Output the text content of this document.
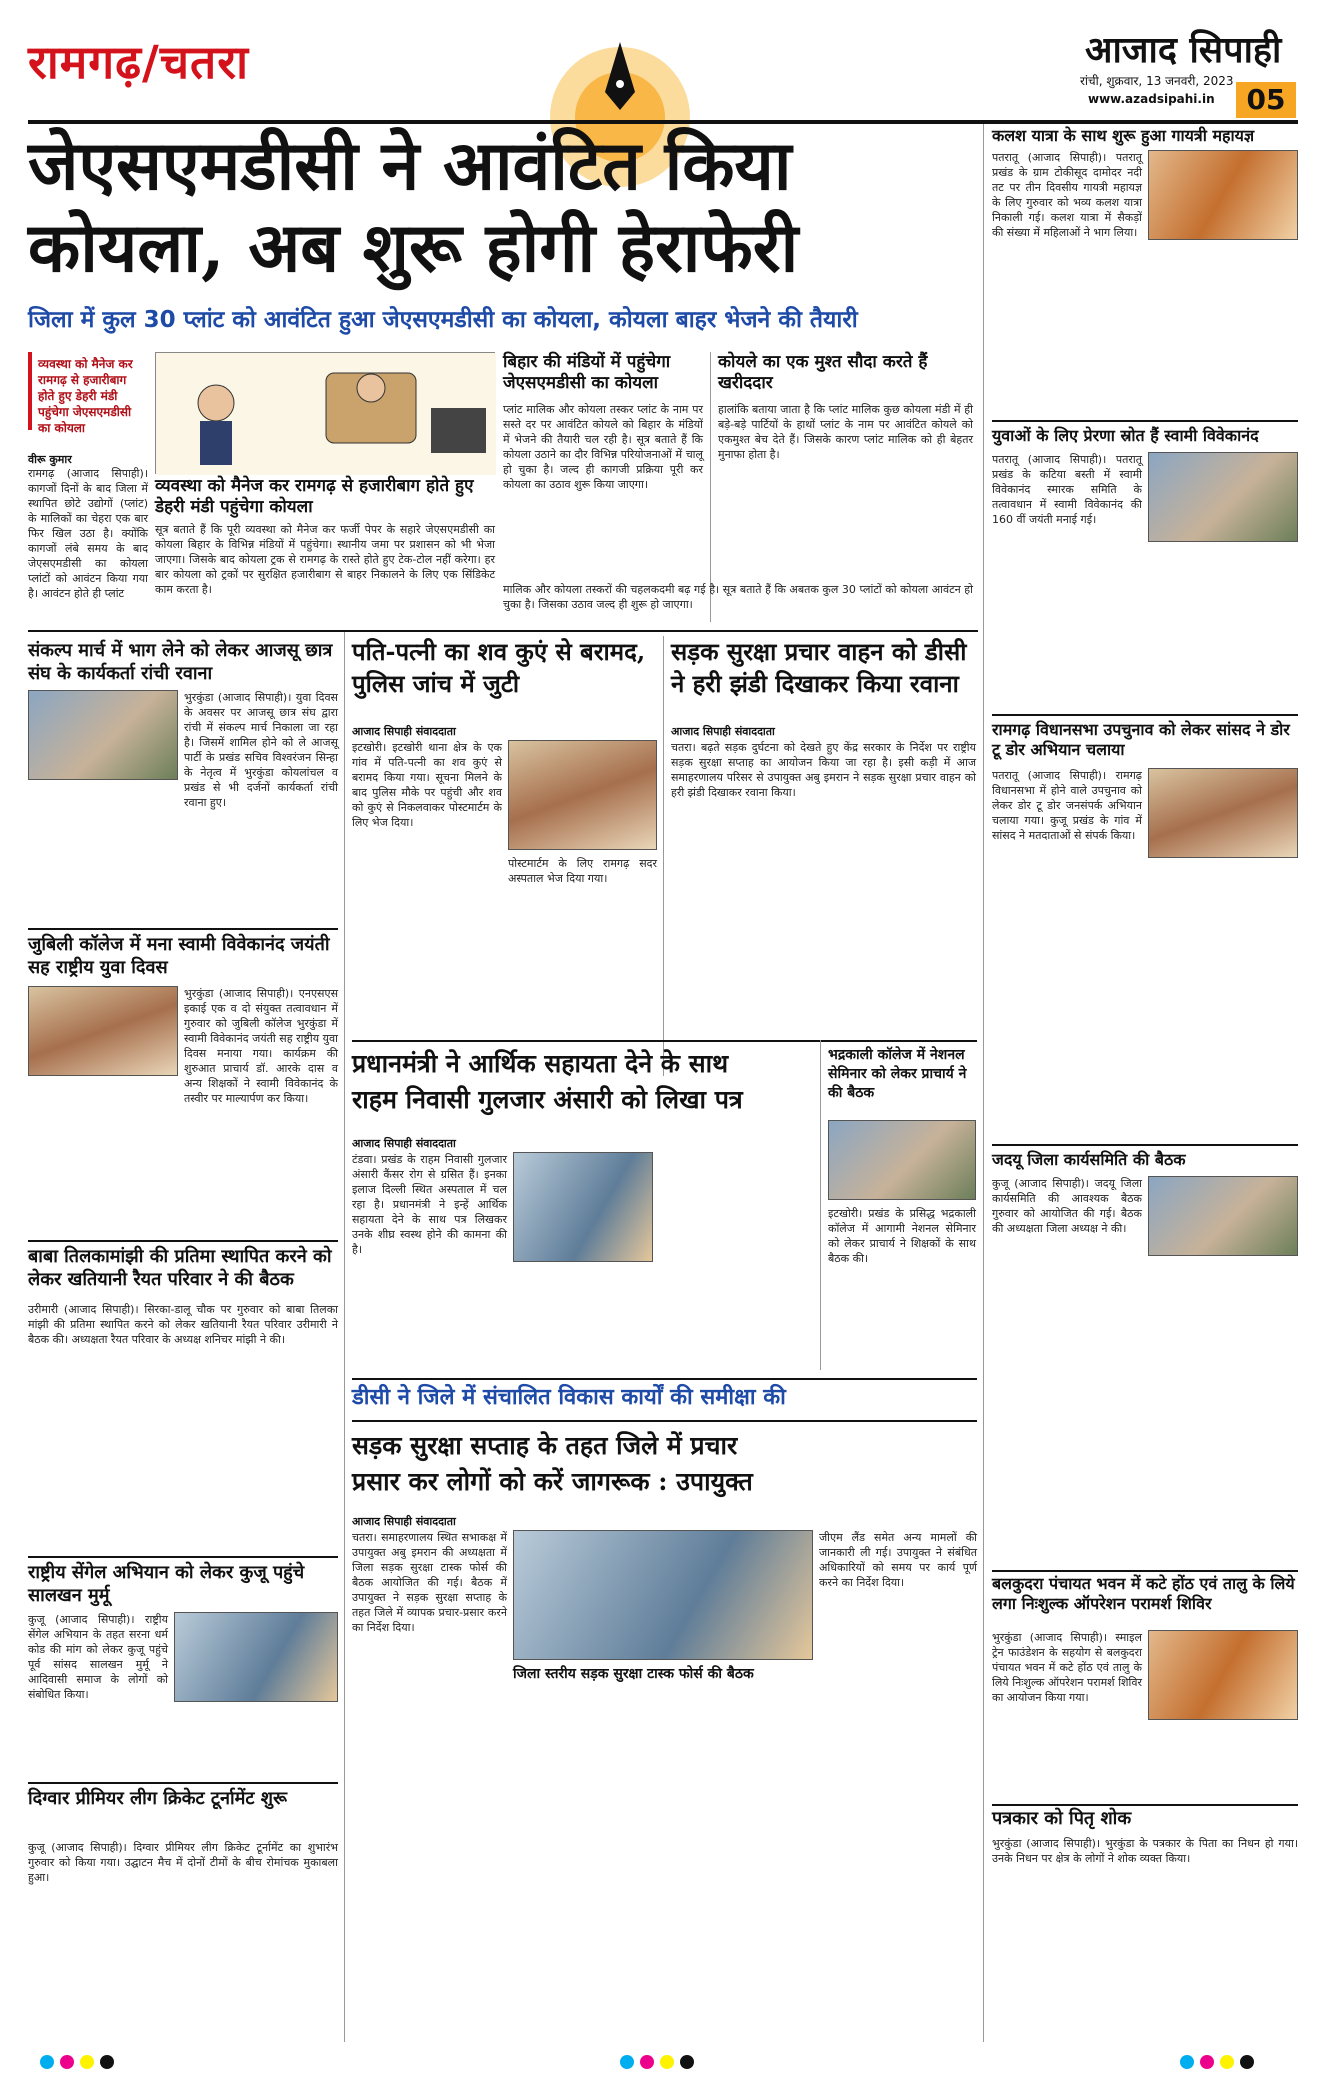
रामगढ़/चतरा	आजाद सिपाही
रांची, शुक्रवार, 13 जनवरी, 2023
www.azadsipahi.in	05
जेएसएमडीसी ने आवंटित किया
कोयला, अब शुरू होगी हेराफेरी
जिला में कुल 30 प्लांट को आवंटित हुआ जेएसएमडीसी का कोयला, कोयला बाहर भेजने की तैयारी
व्यवस्था को मैनेज कर रामगढ़ से हजारीबाग होते हुए डेहरी मंडी पहुंचेगा जेएसएमडीसी का कोयला
वीरू कुमार
रामगढ़ (आजाद सिपाही)। कागजों दिनों के बाद जिला में स्थापित छोटे उद्योगों (प्लांट) के मालिकों का चेहरा एक बार फिर खिल उठा है। क्योंकि कागजों लंबे समय के बाद जेएसएमडीसी का कोयला प्लांटों को आवंटन किया गया है। आवंटन होते ही प्लांट
व्यवस्था को मैनेज कर रामगढ़ से हजारीबाग होते हुए डेहरी मंडी पहुंचेगा कोयला
सूत्र बताते हैं कि पूरी व्यवस्था को मैनेज कर फर्जी पेपर के सहारे जेएसएमडीसी का कोयला बिहार के विभिन्न मंडियों में पहुंचेगा। स्थानीय जमा पर प्रशासन को भी भेजा जाएगा। जिसके बाद कोयला ट्रक से रामगढ़ के रास्ते होते हुए टेक-टोल नहीं करेगा। हर बार कोयला को ट्रकों पर सुरक्षित हजारीबाग से बाहर निकालने के लिए एक सिंडिकेट काम करता है।
बिहार की मंडियों में पहुंचेगा जेएसएमडीसी का कोयला
प्लांट मालिक और कोयला तस्कर प्लांट के नाम पर सस्ते दर पर आवंटित कोयले को बिहार के मंडियों में भेजने की तैयारी चल रही है। सूत्र बताते हैं कि कोयला उठाने का दौर विभिन्न परियोजनाओं में चालू हो चुका है। जल्द ही कागजी प्रक्रिया पूरी कर कोयला का उठाव शुरू किया जाएगा।
कोयले का एक मुश्त सौदा करते हैं खरीददार
हालांकि बताया जाता है कि प्लांट मालिक कुछ कोयला मंडी में ही बड़े-बड़े पार्टियों के हाथों प्लांट के नाम पर आवंटित कोयले को एकमुश्त बेच देते हैं। जिसके कारण प्लांट मालिक को ही बेहतर मुनाफा होता है।
मालिक और कोयला तस्करों की चहलकदमी बढ़ गई है। सूत्र बताते हैं कि अबतक कुल 30 प्लांटों को कोयला आवंटन हो चुका है। जिसका उठाव जल्द ही शुरू हो जाएगा।
संकल्प मार्च में भाग लेने को लेकर आजसू छात्र संघ के कार्यकर्ता रांची रवाना
भुरकुंडा (आजाद सिपाही)। युवा दिवस के अवसर पर आजसू छात्र संघ द्वारा रांची में संकल्प मार्च निकाला जा रहा है। जिसमें शामिल होने को ले आजसू पार्टी के प्रखंड सचिव विश्वरंजन सिन्हा के नेतृत्व में भुरकुंडा कोयलांचल व प्रखंड से भी दर्जनों कार्यकर्ता रांची रवाना हुए।
जुबिली कॉलेज में मना स्वामी विवेकानंद जयंती सह राष्ट्रीय युवा दिवस
भुरकुंडा (आजाद सिपाही)। एनएसएस इकाई एक व दो संयुक्त तत्वावधान में गुरुवार को जुबिली कॉलेज भुरकुंडा में स्वामी विवेकानंद जयंती सह राष्ट्रीय युवा दिवस मनाया गया। कार्यक्रम की शुरुआत प्राचार्य डॉ. आरके दास व अन्य शिक्षकों ने स्वामी विवेकानंद के तस्वीर पर माल्यार्पण कर किया।
बाबा तिलकामांझी की प्रतिमा स्थापित करने को लेकर खतियानी रैयत परिवार ने की बैठक
उरीमारी (आजाद सिपाही)। सिरका-डालू चौक पर गुरुवार को बाबा तिलका मांझी की प्रतिमा स्थापित करने को लेकर खतियानी रैयत परिवार उरीमारी ने बैठक की। अध्यक्षता रैयत परिवार के अध्यक्ष शनिचर मांझी ने की।
राष्ट्रीय सेंगेल अभियान को लेकर कुजू पहुंचे सालखन मुर्मू
कुजू (आजाद सिपाही)। राष्ट्रीय सेंगेल अभियान के तहत सरना धर्म कोड की मांग को लेकर कुजू पहुंचे पूर्व सांसद सालखन मुर्मू ने आदिवासी समाज के लोगों को संबोधित किया।
दिग्वार प्रीमियर लीग क्रिकेट टूर्नामेंट शुरू
कुजू (आजाद सिपाही)। दिग्वार प्रीमियर लीग क्रिकेट टूर्नामेंट का शुभारंभ गुरुवार को किया गया। उद्घाटन मैच में दोनों टीमों के बीच रोमांचक मुकाबला हुआ।
पति-पत्नी का शव कुएं से बरामद, पुलिस जांच में जुटी
आजाद सिपाही संवाददाता
इटखोरी। इटखोरी थाना क्षेत्र के एक गांव में पति-पत्नी का शव कुएं से बरामद किया गया। सूचना मिलने के बाद पुलिस मौके पर पहुंची और शव को कुएं से निकलवाकर पोस्टमार्टम के लिए भेज दिया।
पोस्टमार्टम के लिए रामगढ़ सदर अस्पताल भेज दिया गया।
सड़क सुरक्षा प्रचार वाहन को डीसी ने हरी झंडी दिखाकर किया रवाना
आजाद सिपाही संवाददाता
चतरा। बढ़ते सड़क दुर्घटना को देखते हुए केंद्र सरकार के निर्देश पर राष्ट्रीय सड़क सुरक्षा सप्ताह का आयोजन किया जा रहा है। इसी कड़ी में आज समाहरणालय परिसर से उपायुक्त अबु इमरान ने सड़क सुरक्षा प्रचार वाहन को हरी झंडी दिखाकर रवाना किया।
प्रधानमंत्री ने आर्थिक सहायता देने के साथ
राहम निवासी गुलजार अंसारी को लिखा पत्र
आजाद सिपाही संवाददाता
टंडवा। प्रखंड के राहम निवासी गुलजार अंसारी कैंसर रोग से ग्रसित हैं। इनका इलाज दिल्ली स्थित अस्पताल में चल रहा है। प्रधानमंत्री ने इन्हें आर्थिक सहायता देने के साथ पत्र लिखकर उनके शीघ्र स्वस्थ होने की कामना की है।
भद्रकाली कॉलेज में नेशनल सेमिनार को लेकर प्राचार्य ने की बैठक
इटखोरी। प्रखंड के प्रसिद्ध भद्रकाली कॉलेज में आगामी नेशनल सेमिनार को लेकर प्राचार्य ने शिक्षकों के साथ बैठक की।
डीसी ने जिले में संचालित विकास कार्यों की समीक्षा की
सड़क सुरक्षा सप्ताह के तहत जिले में प्रचार
प्रसार कर लोगों को करें जागरूक : उपायुक्त
आजाद सिपाही संवाददाता
चतरा। समाहरणालय स्थित सभाकक्ष में उपायुक्त अबु इमरान की अध्यक्षता में जिला सड़क सुरक्षा टास्क फोर्स की बैठक आयोजित की गई। बैठक में उपायुक्त ने सड़क सुरक्षा सप्ताह के तहत जिले में व्यापक प्रचार-प्रसार करने का निर्देश दिया।
जीएम लैंड समेत अन्य मामलों की जानकारी ली गई। उपायुक्त ने संबंधित अधिकारियों को समय पर कार्य पूर्ण करने का निर्देश दिया।
जिला स्तरीय सड़क सुरक्षा टास्क फोर्स की बैठक
कलश यात्रा के साथ शुरू हुआ गायत्री महायज्ञ
पतरातू (आजाद सिपाही)। पतरातू प्रखंड के ग्राम टोकीसूद दामोदर नदी तट पर तीन दिवसीय गायत्री महायज्ञ के लिए गुरुवार को भव्य कलश यात्रा निकाली गई। कलश यात्रा में सैकड़ों की संख्या में महिलाओं ने भाग लिया।
युवाओं के लिए प्रेरणा स्रोत हैं स्वामी विवेकानंद
पतरातू (आजाद सिपाही)। पतरातू प्रखंड के कटिया बस्ती में स्वामी विवेकानंद स्मारक समिति के तत्वावधान में स्वामी विवेकानंद की 160 वीं जयंती मनाई गई।
रामगढ़ विधानसभा उपचुनाव को लेकर सांसद ने डोर टू डोर अभियान चलाया
पतरातू (आजाद सिपाही)। रामगढ़ विधानसभा में होने वाले उपचुनाव को लेकर डोर टू डोर जनसंपर्क अभियान चलाया गया। कुजू प्रखंड के गांव में सांसद ने मतदाताओं से संपर्क किया।
जदयू जिला कार्यसमिति की बैठक
कुजू (आजाद सिपाही)। जदयू जिला कार्यसमिति की आवश्यक बैठक गुरुवार को आयोजित की गई। बैठक की अध्यक्षता जिला अध्यक्ष ने की।
बलकुदरा पंचायत भवन में कटे होंठ एवं तालु के लिये लगा निःशुल्क ऑपरेशन परामर्श शिविर
भुरकुंडा (आजाद सिपाही)। स्माइल ट्रेन फाउंडेशन के सहयोग से बलकुदरा पंचायत भवन में कटे होंठ एवं तालु के लिये निःशुल्क ऑपरेशन परामर्श शिविर का आयोजन किया गया।
पत्रकार को पितृ शोक
भुरकुंडा (आजाद सिपाही)। भुरकुंडा के पत्रकार के पिता का निधन हो गया। उनके निधन पर क्षेत्र के लोगों ने शोक व्यक्त किया।
